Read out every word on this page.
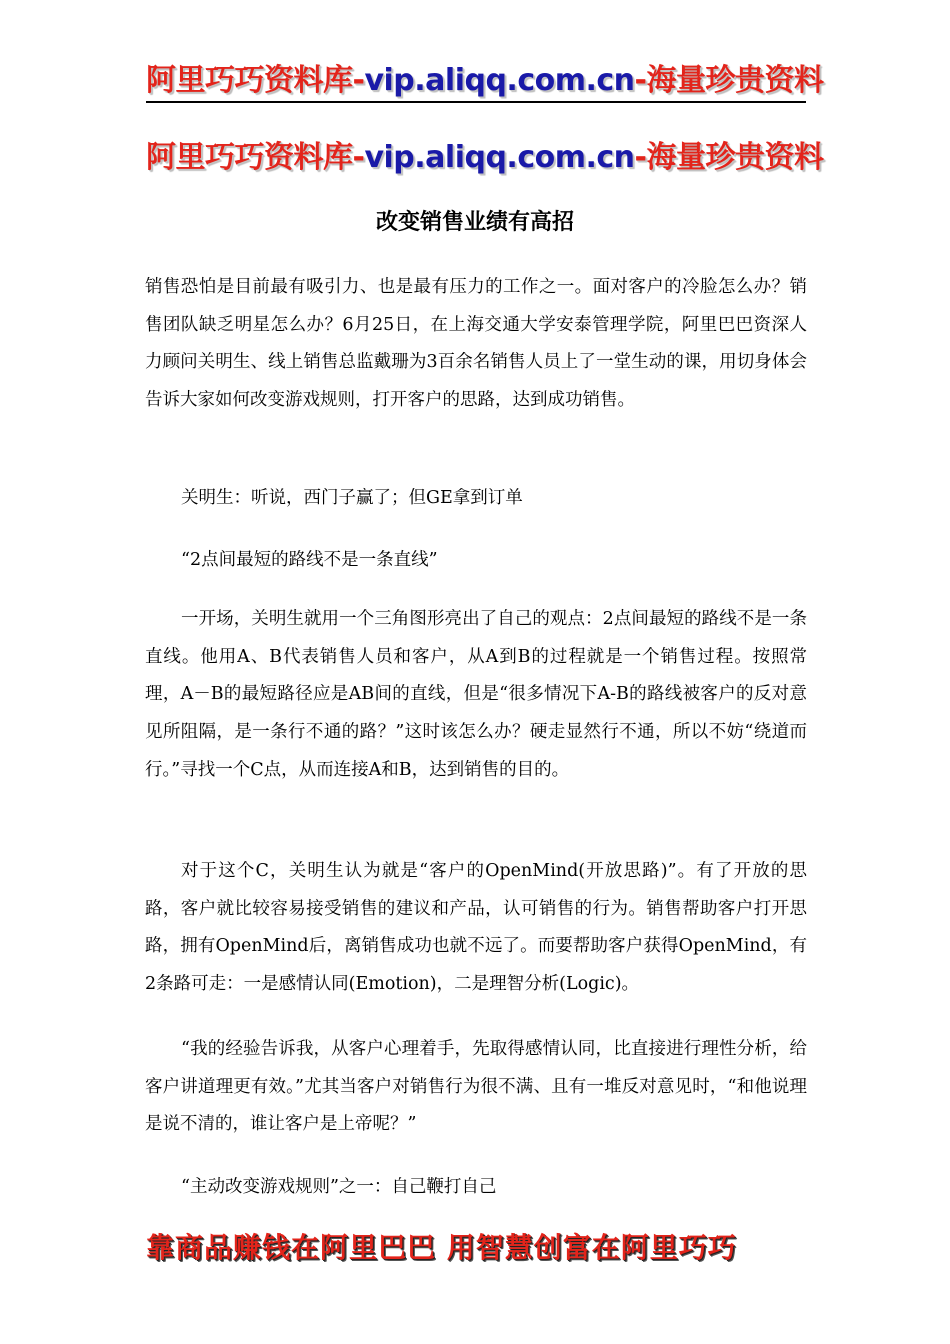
阿里巧巧资料库-vip.aliqq.com.cn-海量珍贵资料
阿里巧巧资料库-vip.aliqq.com.cn-海量珍贵资料
改变销售业绩有高招

销售恐怕是目前最有吸引力、也是最有压力的工作之一。面对客户的冷脸怎么办？销售团队缺乏明星怎么办？6月25日，在上海交通大学安泰管理学院，阿里巴巴资深人力顾问关明生、线上销售总监戴珊为3百余名销售人员上了一堂生动的课，用切身体会告诉大家如何改变游戏规则，打开客户的思路，达到成功销售。

关明生：听说，西门子赢了；但GE拿到订单

“2点间最短的路线不是一条直线”

一开场，关明生就用一个三角图形亮出了自己的观点：2点间最短的路线不是一条直线。他用A、B代表销售人员和客户，从A到B的过程就是一个销售过程。按照常理，A－B的最短路径应是AB间的直线，但是“很多情况下A-B的路线被客户的反对意见所阻隔，是一条行不通的路？”这时该怎么办？硬走显然行不通，所以不妨“绕道而行。”寻找一个C点，从而连接A和B，达到销售的目的。

对于这个C，关明生认为就是“客户的OpenMind(开放思路)”。有了开放的思路，客户就比较容易接受销售的建议和产品，认可销售的行为。销售帮助客户打开思路，拥有OpenMind后，离销售成功也就不远了。而要帮助客户获得OpenMind，有2条路可走：一是感情认同(Emotion)，二是理智分析(Logic)。

“我的经验告诉我，从客户心理着手，先取得感情认同，比直接进行理性分析，给客户讲道理更有效。”尤其当客户对销售行为很不满、且有一堆反对意见时，“和他说理是说不清的，谁让客户是上帝呢？”

“主动改变游戏规则”之一：自己鞭打自己

靠商品赚钱在阿里巴巴 用智慧创富在阿里巧巧
